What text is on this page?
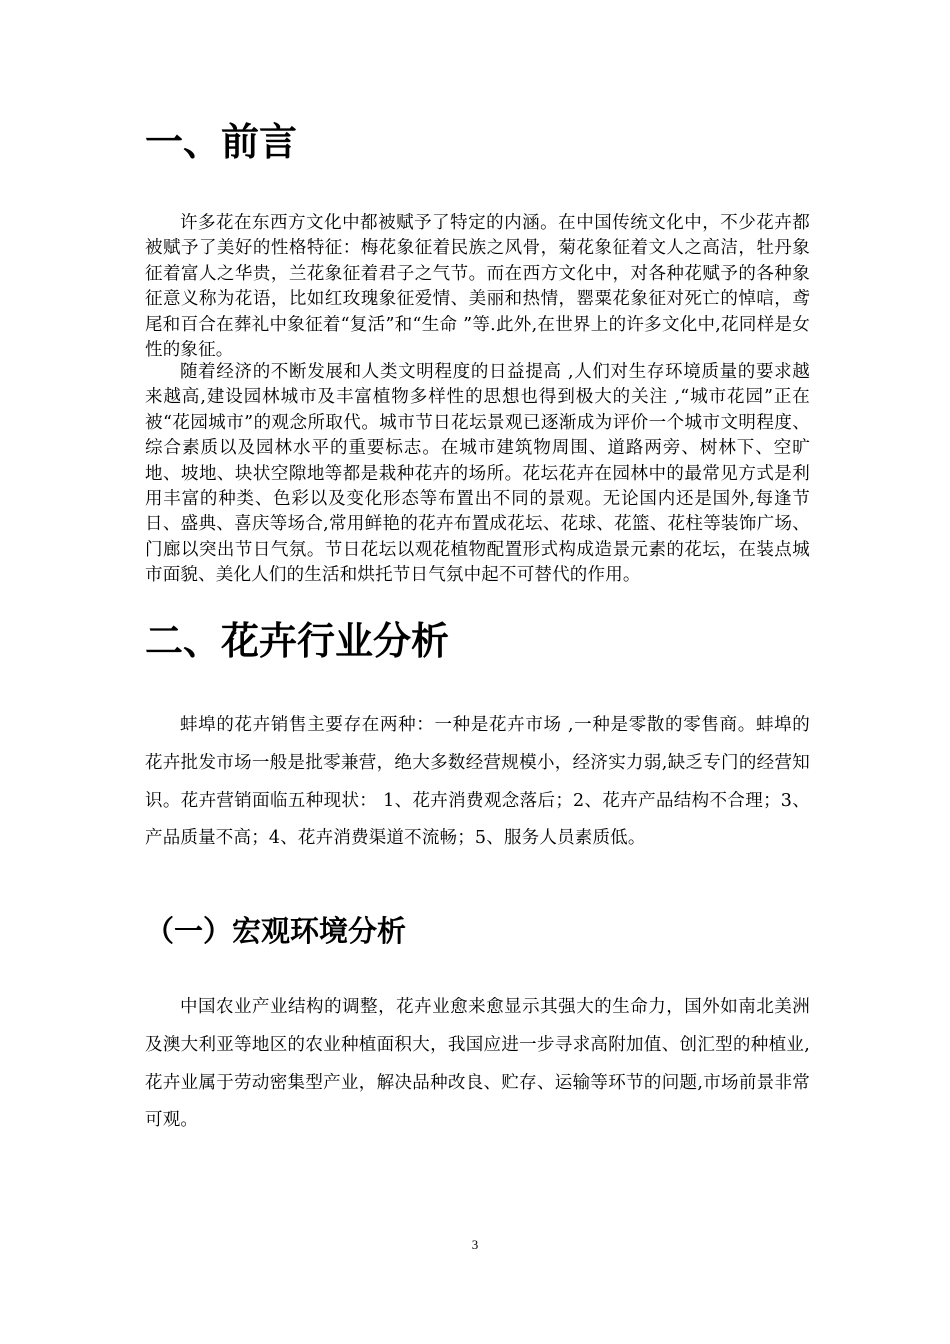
一、前言

许多花在东西方文化中都被赋予了特定的内涵。在中国传统文化中，不少花卉都被赋予了美好的性格特征：梅花象征着民族之风骨，菊花象征着文人之高洁，牡丹象征着富人之华贵，兰花象征着君子之气节。而在西方文化中，对各种花赋予的各种象征意义称为花语，比如红玫瑰象征爱情、美丽和热情，罂粟花象征对死亡的悼唁，鸢尾和百合在葬礼中象征着“复活”和“生命 ”等.此外,在世界上的许多文化中,花同样是女性的象征。

随着经济的不断发展和人类文明程度的日益提高 ,人们对生存环境质量的要求越来越高,建设园林城市及丰富植物多样性的思想也得到极大的关注 ,“城市花园”正在被“花园城市”的观念所取代。城市节日花坛景观已逐渐成为评价一个城市文明程度、综合素质以及园林水平的重要标志。在城市建筑物周围、道路两旁、树林下、空旷地、坡地、块状空隙地等都是栽种花卉的场所。花坛花卉在园林中的最常见方式是利用丰富的种类、色彩以及变化形态等布置出不同的景观。无论国内还是国外,每逢节日、盛典、喜庆等场合,常用鲜艳的花卉布置成花坛、花球、花篮、花柱等装饰广场、门廊以突出节日气氛。节日花坛以观花植物配置形式构成造景元素的花坛，在装点城市面貌、美化人们的生活和烘托节日气氛中起不可替代的作用。

二、花卉行业分析

蚌埠的花卉销售主要存在两种：一种是花卉市场 ,一种是零散的零售商。蚌埠的花卉批发市场一般是批零兼营，绝大多数经营规模小，经济实力弱,缺乏专门的经营知识。花卉营销面临五种现状： 1、花卉消费观念落后；2、花卉产品结构不合理；3、产品质量不高；4、花卉消费渠道不流畅；5、服务人员素质低。

（一）宏观环境分析

中国农业产业结构的调整，花卉业愈来愈显示其强大的生命力，国外如南北美洲及澳大利亚等地区的农业种植面积大，我国应进一步寻求高附加值、创汇型的种植业,花卉业属于劳动密集型产业，解决品种改良、贮存、运输等环节的问题,市场前景非常可观。

3
